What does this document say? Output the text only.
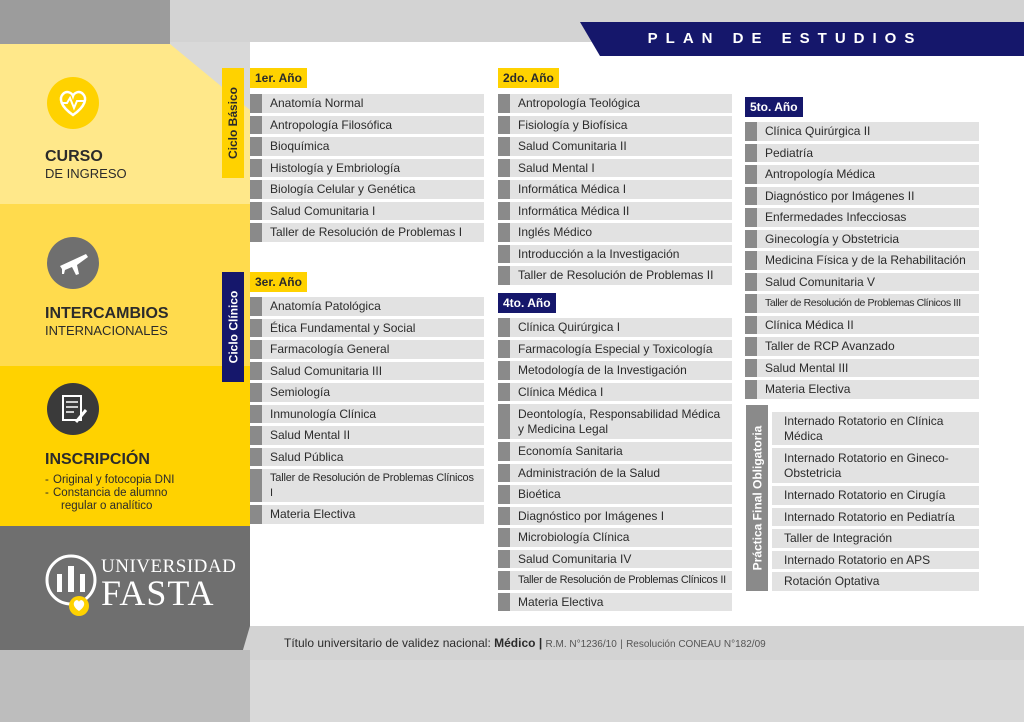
PLAN DE ESTUDIOS
CURSO
DE INGRESO
INTERCAMBIOS
INTERNACIONALES
INSCRIPCIÓN
- Original y fotocopia DNI
- Constancia de alumno
regular o analítico
UNIVERSIDAD
FASTA
Ciclo Básico
1er. Año
Anatomía Normal
Antropología Filosófica
Bioquímica
Histología y Embriología
Biología Celular y Genética
Salud Comunitaria I
Taller de Resolución de Problemas I
Ciclo Clínico
3er. Año
Anatomía Patológica
Ética Fundamental y Social
Farmacología General
Salud Comunitaria III
Semiología
Inmunología Clínica
Salud Mental II
Salud Pública
Taller de Resolución de Problemas Clínicos I
Materia Electiva
2do. Año
Antropología Teológica
Fisiología y Biofísica
Salud Comunitaria II
Salud Mental I
Informática Médica I
Informática Médica II
Inglés Médico
Introducción a la Investigación
Taller de Resolución de Problemas II
4to. Año
Clínica Quirúrgica I
Farmacología Especial y Toxicología
Metodología de la Investigación
Clínica Médica I
Deontología, Responsabilidad Médica y Medicina Legal
Economía Sanitaria
Administración de la Salud
Bioética
Diagnóstico por Imágenes I
Microbiología Clínica
Salud Comunitaria IV
Taller de Resolución de Problemas Clínicos II
Materia Electiva
5to. Año
Clínica Quirúrgica II
Pediatría
Antropología Médica
Diagnóstico por Imágenes II
Enfermedades Infecciosas
Ginecología y Obstetricia
Medicina Física y de la Rehabilitación
Salud Comunitaria V
Taller de Resolución de Problemas Clínicos III
Clínica Médica II
Taller de RCP Avanzado
Salud Mental III
Materia Electiva
Práctica Final Obligatoria
Internado Rotatorio en Clínica Médica
Internado Rotatorio en Gineco-Obstetricia
Internado Rotatorio en Cirugía
Internado Rotatorio en Pediatría
Taller de Integración
Internado Rotatorio en APS
Rotación Optativa
Título universitario de validez nacional: Médico | R.M. N°1236/10 | Resolución CONEAU N°182/09
